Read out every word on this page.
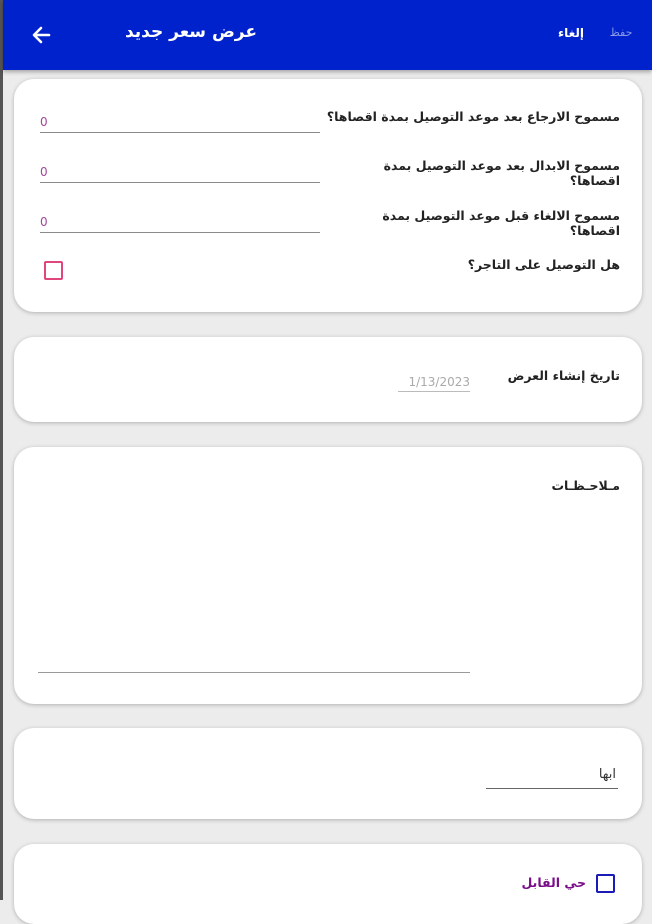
عرض سعر جديد	إلغاء	حفظ
مسموح الارجاع بعد موعد التوصيل بمدة اقصاها؟
0
مسموح الابدال بعد موعد التوصيل بمدة اقصاها؟
0
مسموح الالغاء قبل موعد التوصيل بمدة اقصاها؟
0
هل التوصيل على التاجر؟
تاريخ إنشاء العرض
1/13/2023
مـلاحـظـات
ابها
حي القابل
